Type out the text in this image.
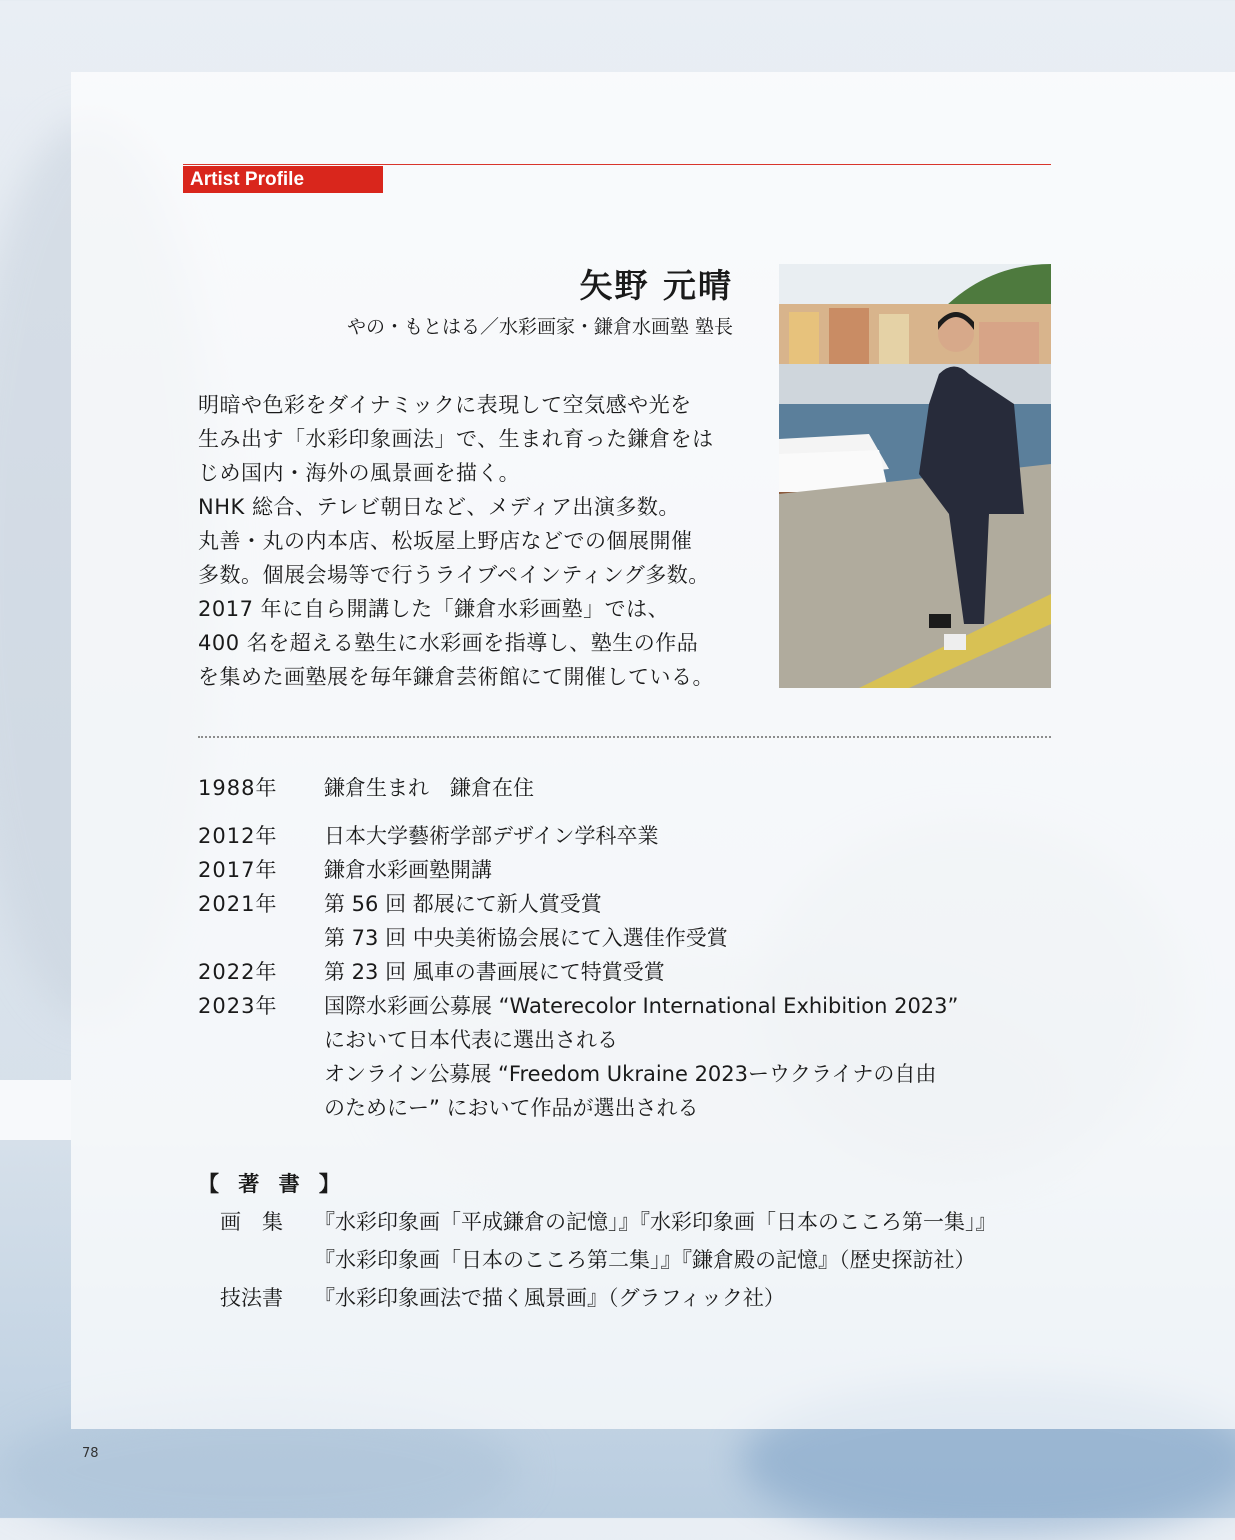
Artist Profile
矢野 元晴
やの・もとはる／水彩画家・鎌倉水画塾 塾長

明暗や色彩をダイナミックに表現して空気感や光を

生み出す「水彩印象画法」で、生まれ育った鎌倉をは

じめ国内・海外の風景画を描く。

NHK 総合、テレビ朝日など、メディア出演多数。

丸善・丸の内本店、松坂屋上野店などでの個展開催

多数。個展会場等で行うライブペインティング多数。

2017 年に自ら開講した「鎌倉水彩画塾」では、

400 名を超える塾生に水彩画を指導し、塾生の作品

を集めた画塾展を毎年鎌倉芸術館にて開催している。

1988年	鎌倉生まれ　鎌倉在住
2012年	日本大学藝術学部デザイン学科卒業
2017年	鎌倉水彩画塾開講
2021年	第 56 回 都展にて新人賞受賞
第 73 回 中央美術協会展にて入選佳作受賞
2022年	第 23 回 風車の書画展にて特賞受賞
2023年	国際水彩画公募展 “Waterecolor International Exhibition 2023”
において日本代表に選出される
オンライン公募展 “Freedom Ukraine 2023ーウクライナの自由
のためにー” において作品が選出される
【 著 書 】
画　集	『水彩印象画「平成鎌倉の記憶」』『水彩印象画「日本のこころ第一集」』
『水彩印象画「日本のこころ第二集」』『鎌倉殿の記憶』（歴史探訪社）
技法書	『水彩印象画法で描く風景画』（グラフィック社）
78
